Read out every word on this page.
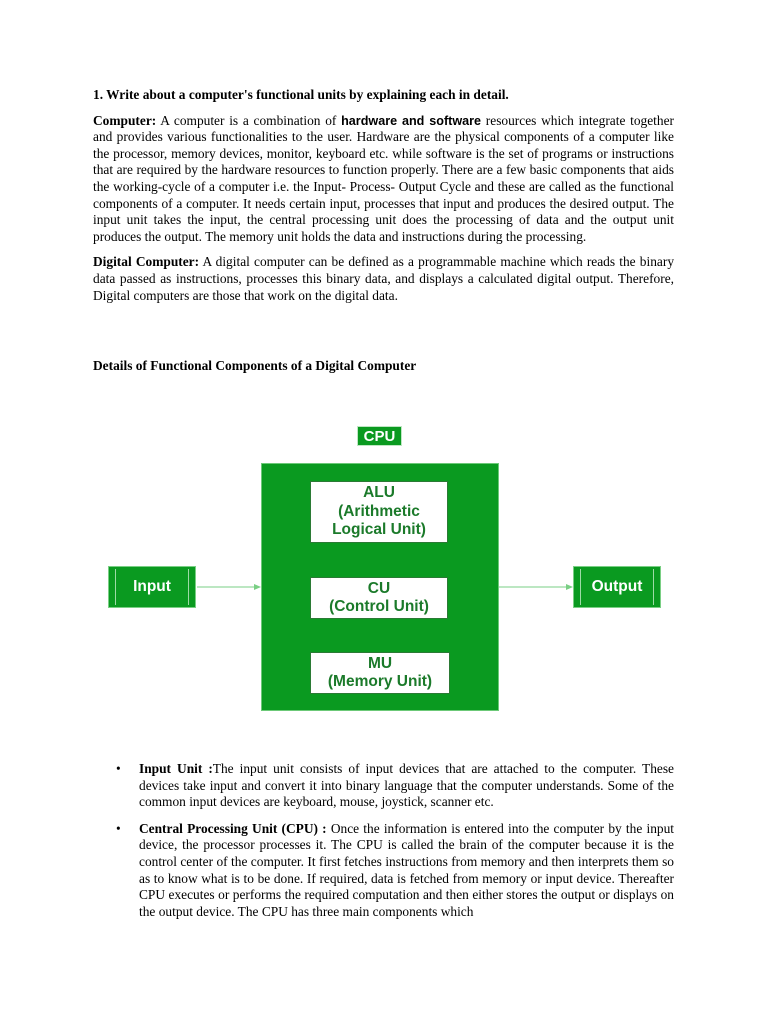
1. Write about a computer's functional units by explaining each in detail.

Computer: A computer is a combination of hardware and software resources which integrate together and provides various functionalities to the user. Hardware are the physical components of a computer like the processor, memory devices, monitor, keyboard etc. while software is the set of programs or instructions that are required by the hardware resources to function properly. There are a few basic components that aids the working-cycle of a computer i.e. the Input- Process- Output Cycle and these are called as the functional components of a computer. It needs certain input, processes that input and produces the desired output. The input unit takes the input, the central processing unit does the processing of data and the output unit produces the output. The memory unit holds the data and instructions during the processing.

Digital Computer: A digital computer can be defined as a programmable machine which reads the binary data passed as instructions, processes this binary data, and displays a calculated digital output. Therefore, Digital computers are those that work on the digital data.

Details of Functional Components of a Digital Computer

CPU
ALU
(Arithmetic
Logical Unit)
CU
(Control Unit)
MU
(Memory Unit)
Input	Output
• Input Unit :The input unit consists of input devices that are attached to the computer. These devices take input and convert it into binary language that the computer understands. Some of the common input devices are keyboard, mouse, joystick, scanner etc.

• Central Processing Unit (CPU) : Once the information is entered into the computer by the input device, the processor processes it. The CPU is called the brain of the computer because it is the control center of the computer. It first fetches instructions from memory and then interprets them so as to know what is to be done. If required, data is fetched from memory or input device. Thereafter CPU executes or performs the required computation and then either stores the output or displays on the output device. The CPU has three main components which
